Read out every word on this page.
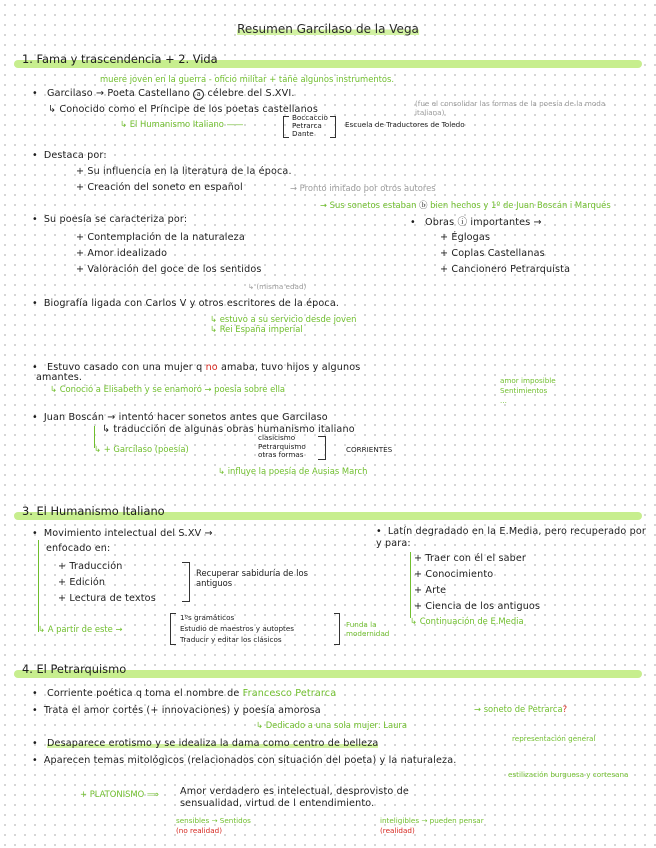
Resumen Garcilaso de la Vega
1. Fama y trascendencia + 2. Vida
muere joven en la guerra - oficio militar + tañe algunos instrumentos.
• Garcilaso → Poeta Castellano a célebre del S.XVI.
↳ Conocido como el Príncipe de los poetas castellanos
(fue el consolidar las formas de la poesía de la moda italiana)
↳ El Humanismo Italiano ——
Boccaccio
Petrarca
Dante
Escuela de Traductores de Toledo
• Destaca por:
+ Su influencia en la literatura de la época.
+ Creación del soneto en español	→ Pronto imitado por otros autores
→ Sus sonetos estaban ⓑ bien hechos y 1º de Juan Boscán i Marqués
• Su poesía se caracteriza por:
+ Contemplación de la naturaleza
+ Amor idealizado
+ Valoración del goce de los sentidos
↳ (misma edad)
• Obras ⓘ importantes →
+ Églogas
+ Coplas Castellanas
+ Cancionero Petrarquista
• Biografía ligada con Carlos V y otros escritores de la época.
↳ estuvo a su servicio desde joven
↳ Rei España imperial
• Estuvo casado con una mujer q no amaba, tuvo hijos y algunos
amantes.
↳ Conoció a Elisabeth y se enamoró → poesía sobre ella
amor imposible
Sentimientos
...
• Juan Boscán → intentó hacer sonetos antes que Garcilaso
↳ traducción de algunas obras humanismo italiano
↳ + Garcilaso (poesía)
clasicismo
Petrarquismo
otras formas
CORRIENTES
↳ influye la poesía de Ausias March
3. El Humanismo Italiano
• Movimiento intelectual del S.XV →
enfocado en:
+ Traducción
+ Edición
+ Lectura de textos
Recuperar sabiduría de los antiguos
↳ A partir de este →
1ºs gramáticos
Estudio de maestros y autoptes
Traducir y editar los clásicos
Funda la modernidad
• Latín degradado en la E.Media, pero recuperado por y para:
+ Traer con él el saber
+ Conocimiento
+ Arte
+ Ciencia de los antiguos
↳ Continuación de E.Media
4. El Petrarquismo
• Corriente poética q toma el nombre de Francesco Petrarca
• Trata el amor cortés (+ innovaciones) y poesía amorosa	→ soneto de Petrarca?
↳ Dedicado a una sola mujer: Laura
• Desaparece erotismo y se idealiza la dama como centro de belleza	representación general
• Aparecen temas mitológicos (relacionados con situación del poeta) y la naturaleza.
estilización burguesa y cortesana
+ PLATONISMO ⟹ Amor verdadero es intelectual, desprovisto de
sensualidad, virtud de l entendimiento.
sensibles → Sentidos
(no realidad)
inteligibles → pueden pensar
(realidad)
